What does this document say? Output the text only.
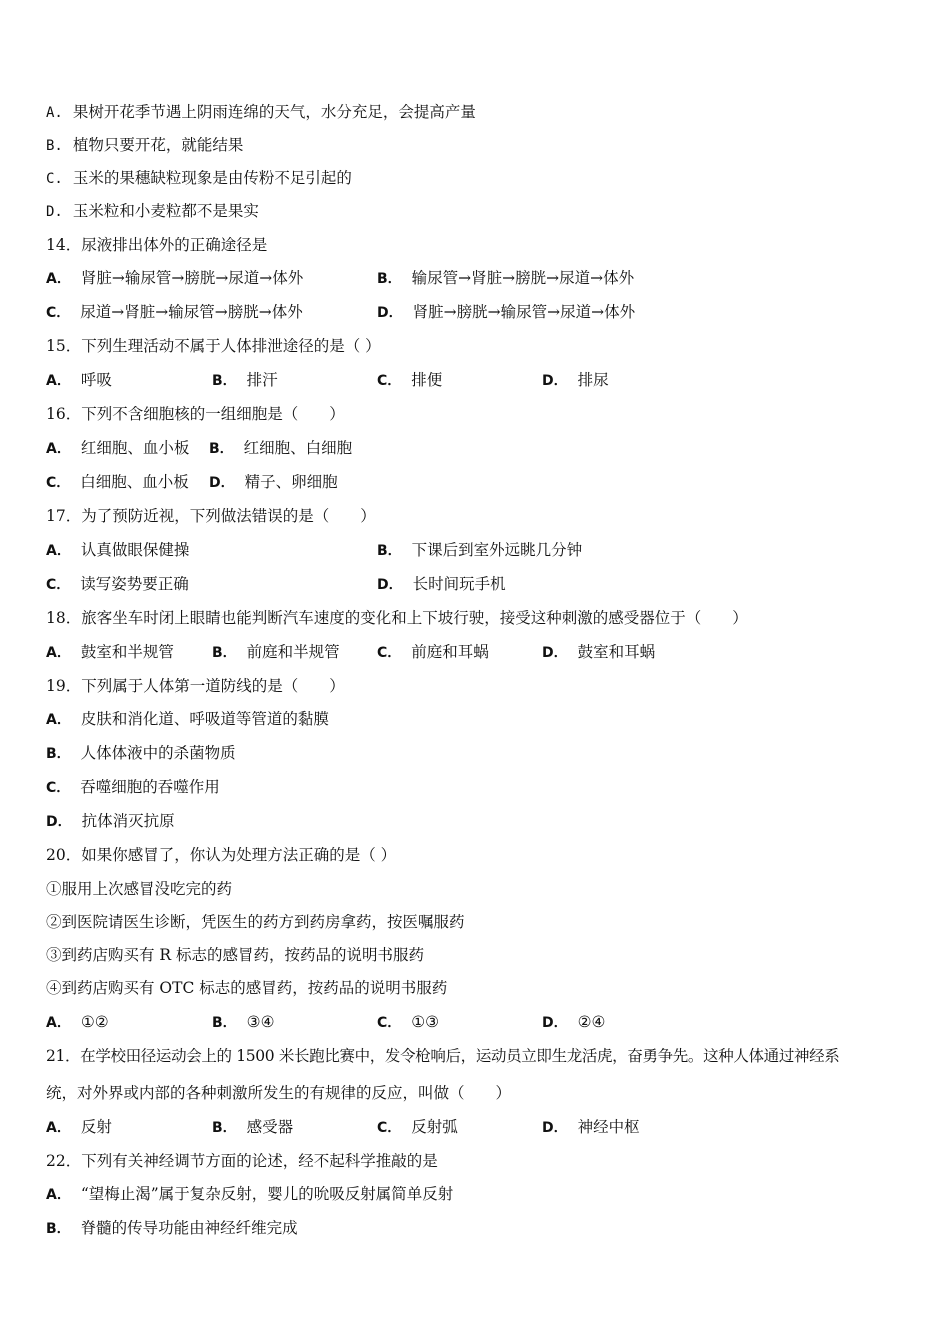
A. 果树开花季节遇上阴雨连绵的天气，水分充足，会提高产量
B. 植物只要开花，就能结果
C. 玉米的果穗缺粒现象是由传粉不足引起的
D. 玉米粒和小麦粒都不是果实
14．尿液排出体外的正确途径是
A． 肾脏→输尿管→膀胱→尿道→体外	B． 输尿管→肾脏→膀胱→尿道→体外
C． 尿道→肾脏→输尿管→膀胱→体外	D． 肾脏→膀胱→输尿管→尿道→体外
15．下列生理活动不属于人体排泄途径的是（ ）
A． 呼吸	B． 排汗	C． 排便	D． 排尿
16．下列不含细胞核的一组细胞是（　　）
A． 红细胞、血小板 B． 红细胞、白细胞
C． 白细胞、血小板 D． 精子、卵细胞
17．为了预防近视，下列做法错误的是（　　）
A． 认真做眼保健操	B． 下课后到室外远眺几分钟
C． 读写姿势要正确	D． 长时间玩手机
18．旅客坐车时闭上眼睛也能判断汽车速度的变化和上下坡行驶，接受这种刺激的感受器位于（　　）
A． 鼓室和半规管	B． 前庭和半规管	C． 前庭和耳蜗	D． 鼓室和耳蜗
19．下列属于人体第一道防线的是（　　）
A． 皮肤和消化道、呼吸道等管道的黏膜
B． 人体体液中的杀菌物质
C． 吞噬细胞的吞噬作用
D． 抗体消灭抗原
20．如果你感冒了，你认为处理方法正确的是（ ）
①服用上次感冒没吃完的药
②到医院请医生诊断，凭医生的药方到药房拿药，按医嘱服药
③到药店购买有 R 标志的感冒药，按药品的说明书服药
④到药店购买有 OTC 标志的感冒药，按药品的说明书服药
A． ①②	B． ③④	C． ①③	D． ②④
21．在学校田径运动会上的 1500 米长跑比赛中，发令枪响后，运动员立即生龙活虎，奋勇争先。这种人体通过神经系
统，对外界或内部的各种刺激所发生的有规律的反应，叫做（　　）
A． 反射	B． 感受器	C． 反射弧	D． 神经中枢
22．下列有关神经调节方面的论述，经不起科学推敲的是
A． “望梅止渴”属于复杂反射，婴儿的吮吸反射属简单反射
B． 脊髓的传导功能由神经纤维完成
